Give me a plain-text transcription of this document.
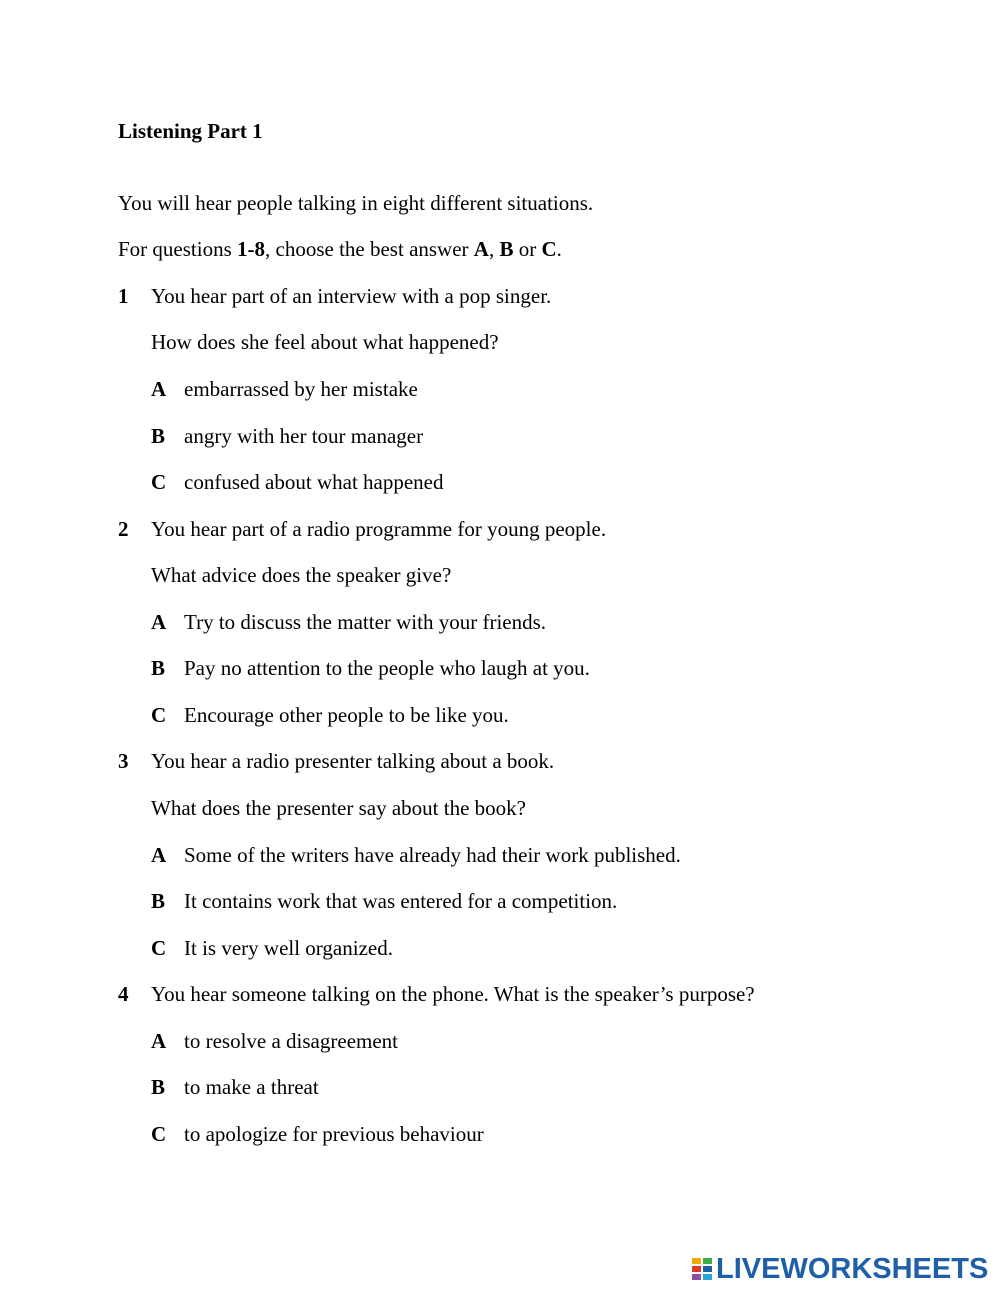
Listening Part 1
You will hear people talking in eight different situations.
For questions 1-8, choose the best answer A, B or C.
1 You hear part of an interview with a pop singer.
How does she feel about what happened?
A embarrassed by her mistake
B angry with her tour manager
C confused about what happened
2 You hear part of a radio programme for young people.
What advice does the speaker give?
A Try to discuss the matter with your friends.
B Pay no attention to the people who laugh at you.
C Encourage other people to be like you.
3 You hear a radio presenter talking about a book.
What does the presenter say about the book?
A Some of the writers have already had their work published.
B It contains work that was entered for a competition.
C It is very well organized.
4 You hear someone talking on the phone. What is the speaker’s purpose?
A to resolve a disagreement
B to make a threat
C to apologize for previous behaviour
LIVEWORKSHEETS
